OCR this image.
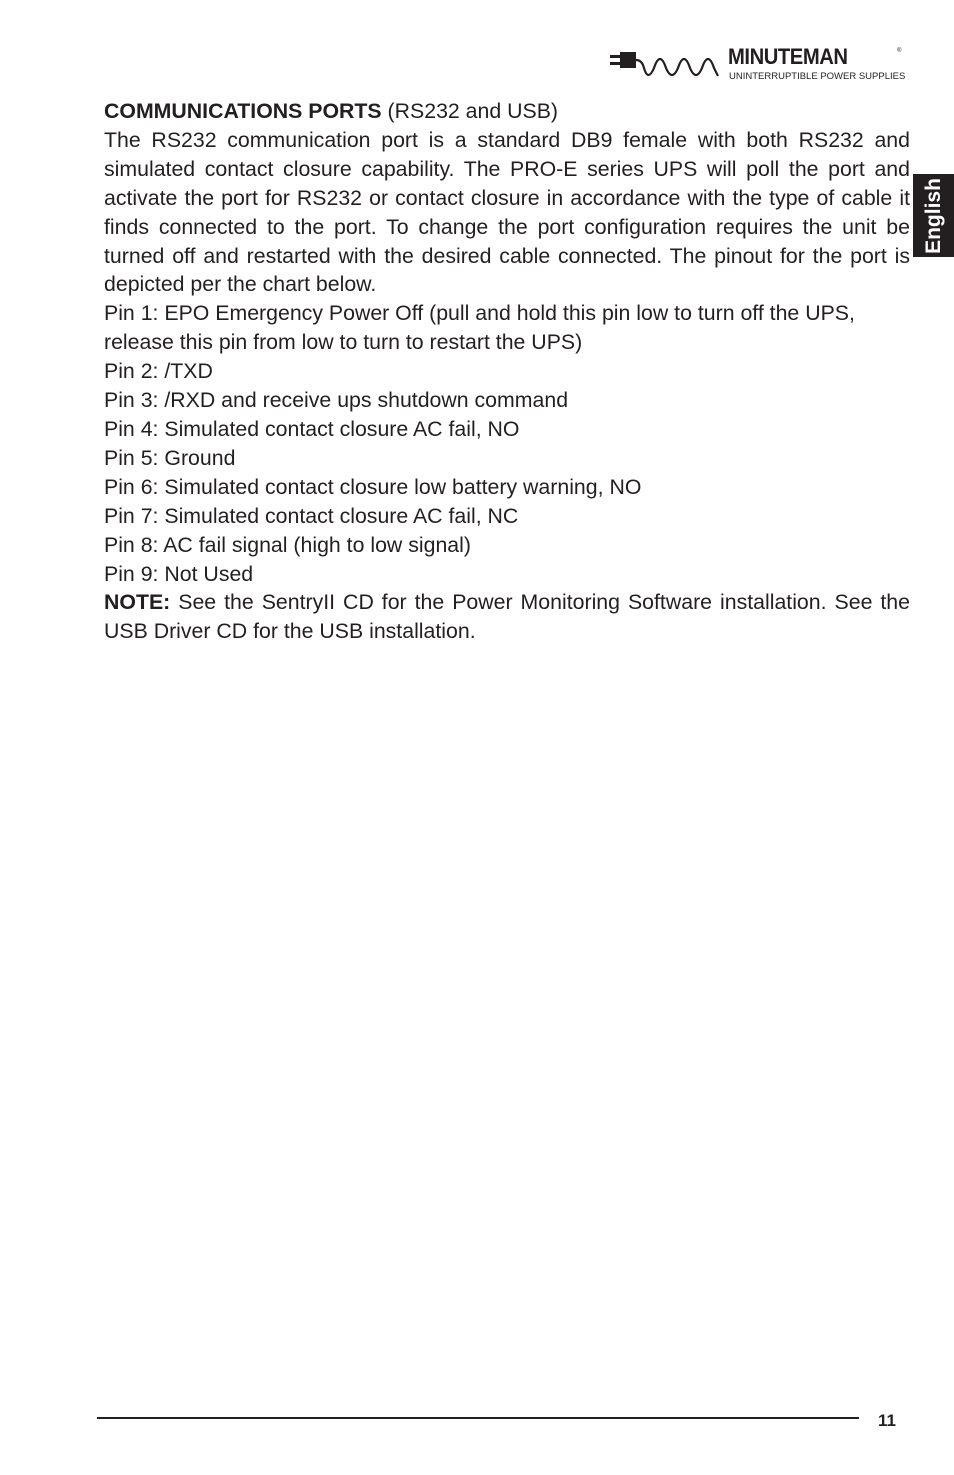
MINUTEMAN	®
UNINTERRUPTIBLE POWER SUPPLIES
English

COMMUNICATIONS PORTS (RS232 and USB)

The RS232 communication port is a standard DB9 female with both RS232 and simulated contact closure capability. The PRO-E series UPS will poll the port and activate the port for RS232 or contact closure in accordance with the type of cable it finds connected to the port. To change the port configuration requires the unit be turned off and restarted with the desired cable connected. The pinout for the port is depicted per the chart below.

Pin 1: EPO Emergency Power Off (pull and hold this pin low to turn off the UPS, release this pin from low to turn to restart the UPS)

Pin 2: /TXD

Pin 3: /RXD and receive ups shutdown command

Pin 4: Simulated contact closure AC fail, NO

Pin 5: Ground

Pin 6: Simulated contact closure low battery warning, NO

Pin 7: Simulated contact closure AC fail, NC

Pin 8: AC fail signal (high to low signal)

Pin 9: Not Used

NOTE: See the SentryII CD for the Power Monitoring Software installation. See the USB Driver CD for the USB installation.

11
